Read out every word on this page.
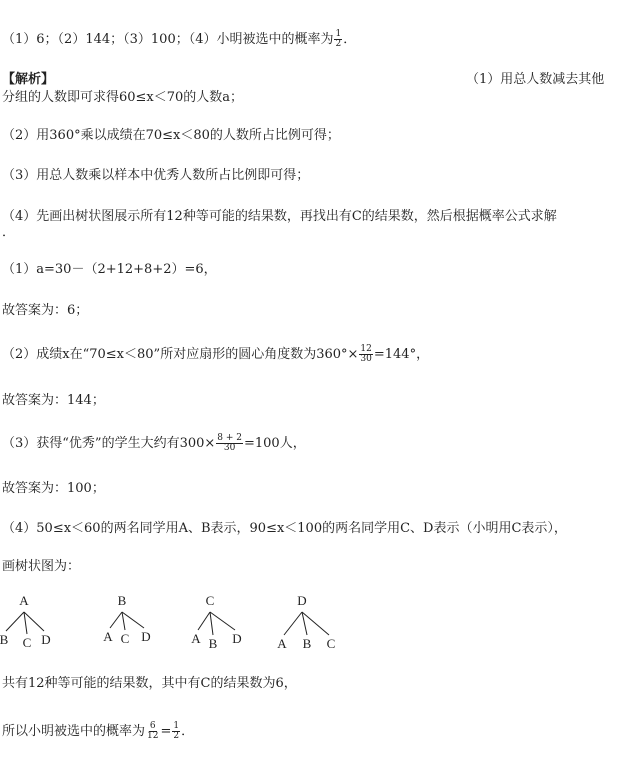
（1）6；（2）144；（3）100；（4）小明被选中的概率为 $\frac{1}{2}$ ．
【解析】	（1）用总人数减去其他
分组的人数即可求得60≤x＜70的人数a；
（2）用360°乘以成绩在70≤x＜80的人数所占比例可得；
（3）用总人数乘以样本中优秀人数所占比例即可得；
（4）先画出树状图展示所有12种等可能的结果数，再找出有C的结果数，然后根据概率公式求解
．
（1）a=30－（2+12+8+2）=6，
故答案为：6；
（2）成绩x在“70≤x＜80”所对应扇形的圆心角度数为$360^\circ\times \frac{12}{30} =144^\circ$，
故答案为：144；
（3）获得“优秀”的学生大约有$300\times \frac{8 + 2}{30} =100$人，
故答案为：100；
（4）50≤x＜60的两名同学用A、B表示，90≤x＜100的两名同学用C、D表示（小明用C表示），
画树状图为：
A
B C D
B
A C D
C
A B D
D
A B C
共有12种等可能的结果数，其中有C的结果数为6，
所以小明被选中的概率为 $\frac{6}{12} = \frac{1}{2}$ ．
